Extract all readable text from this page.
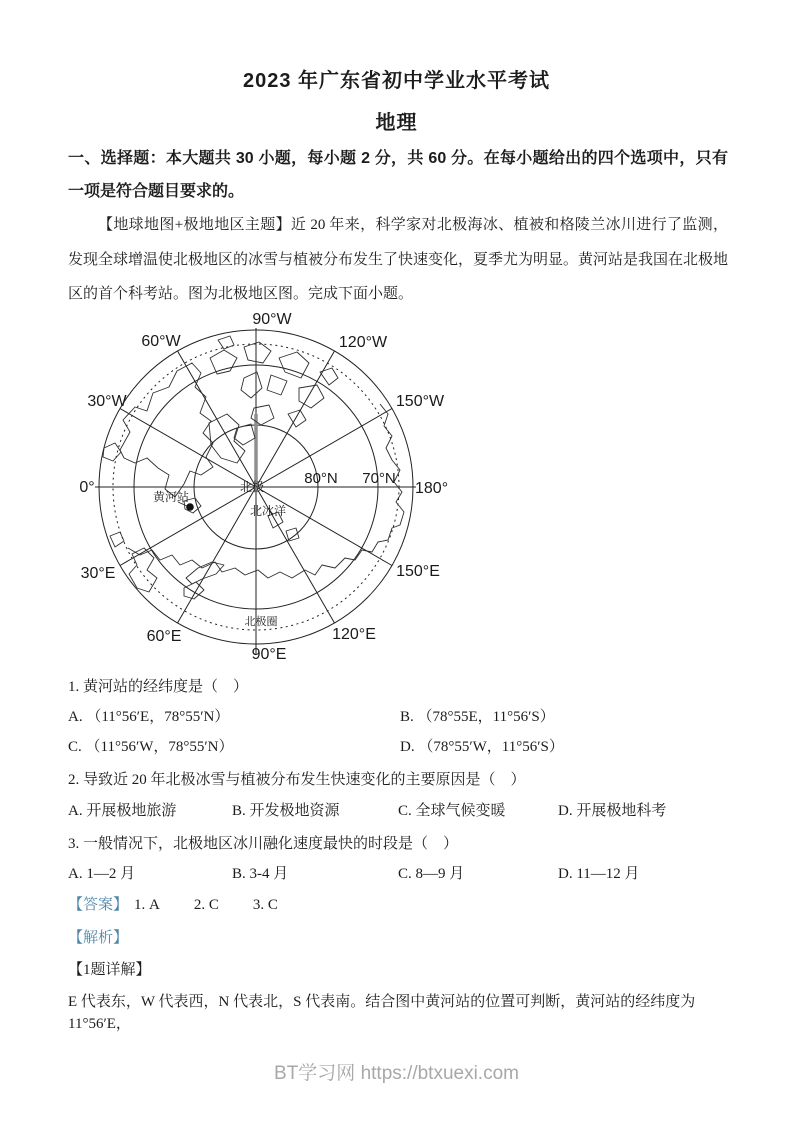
2023 年广东省初中学业水平考试
地理
一、选择题：本大题共 30 小题，每小题 2 分，共 60 分。在每小题给出的四个选项中，只有一项是符合题目要求的。
【地球地图+极地地区主题】近 20 年来，科学家对北极海冰、植被和格陵兰冰川进行了监测，发现全球增温使北极地区的冰雪与植被分布发生了快速变化，夏季尤为明显。黄河站是我国在北极地区的首个科考站。图为北极地区图。完成下面小题。
90°W
60°W	120°W
30°W	150°W
0°	180°
80°N 70°N
30°E	150°E
60°E	120°E
90°E
北极
北冰洋
北极圈
黄河站
1. 黄河站的经纬度是（　）
A. （11°56′E，78°55′N）	B. （78°55E，11°56′S）
C. （11°56′W，78°55′N）	D. （78°55′W，11°56′S）
2. 导致近 20 年北极冰雪与植被分布发生快速变化的主要原因是（　）
A. 开展极地旅游	B. 开发极地资源	C. 全球气候变暖	D. 开展极地科考
3. 一般情况下，北极地区冰川融化速度最快的时段是（　）
A. 1—2 月	B. 3-4 月	C. 8—9 月	D. 11—12 月
【答案】 1. A 2. C 3. C
【解析】
【1题详解】
E 代表东，W 代表西，N 代表北，S 代表南。结合图中黄河站的位置可判断，黄河站的经纬度为 11°56′E，
BT学习网 https://btxuexi.com
